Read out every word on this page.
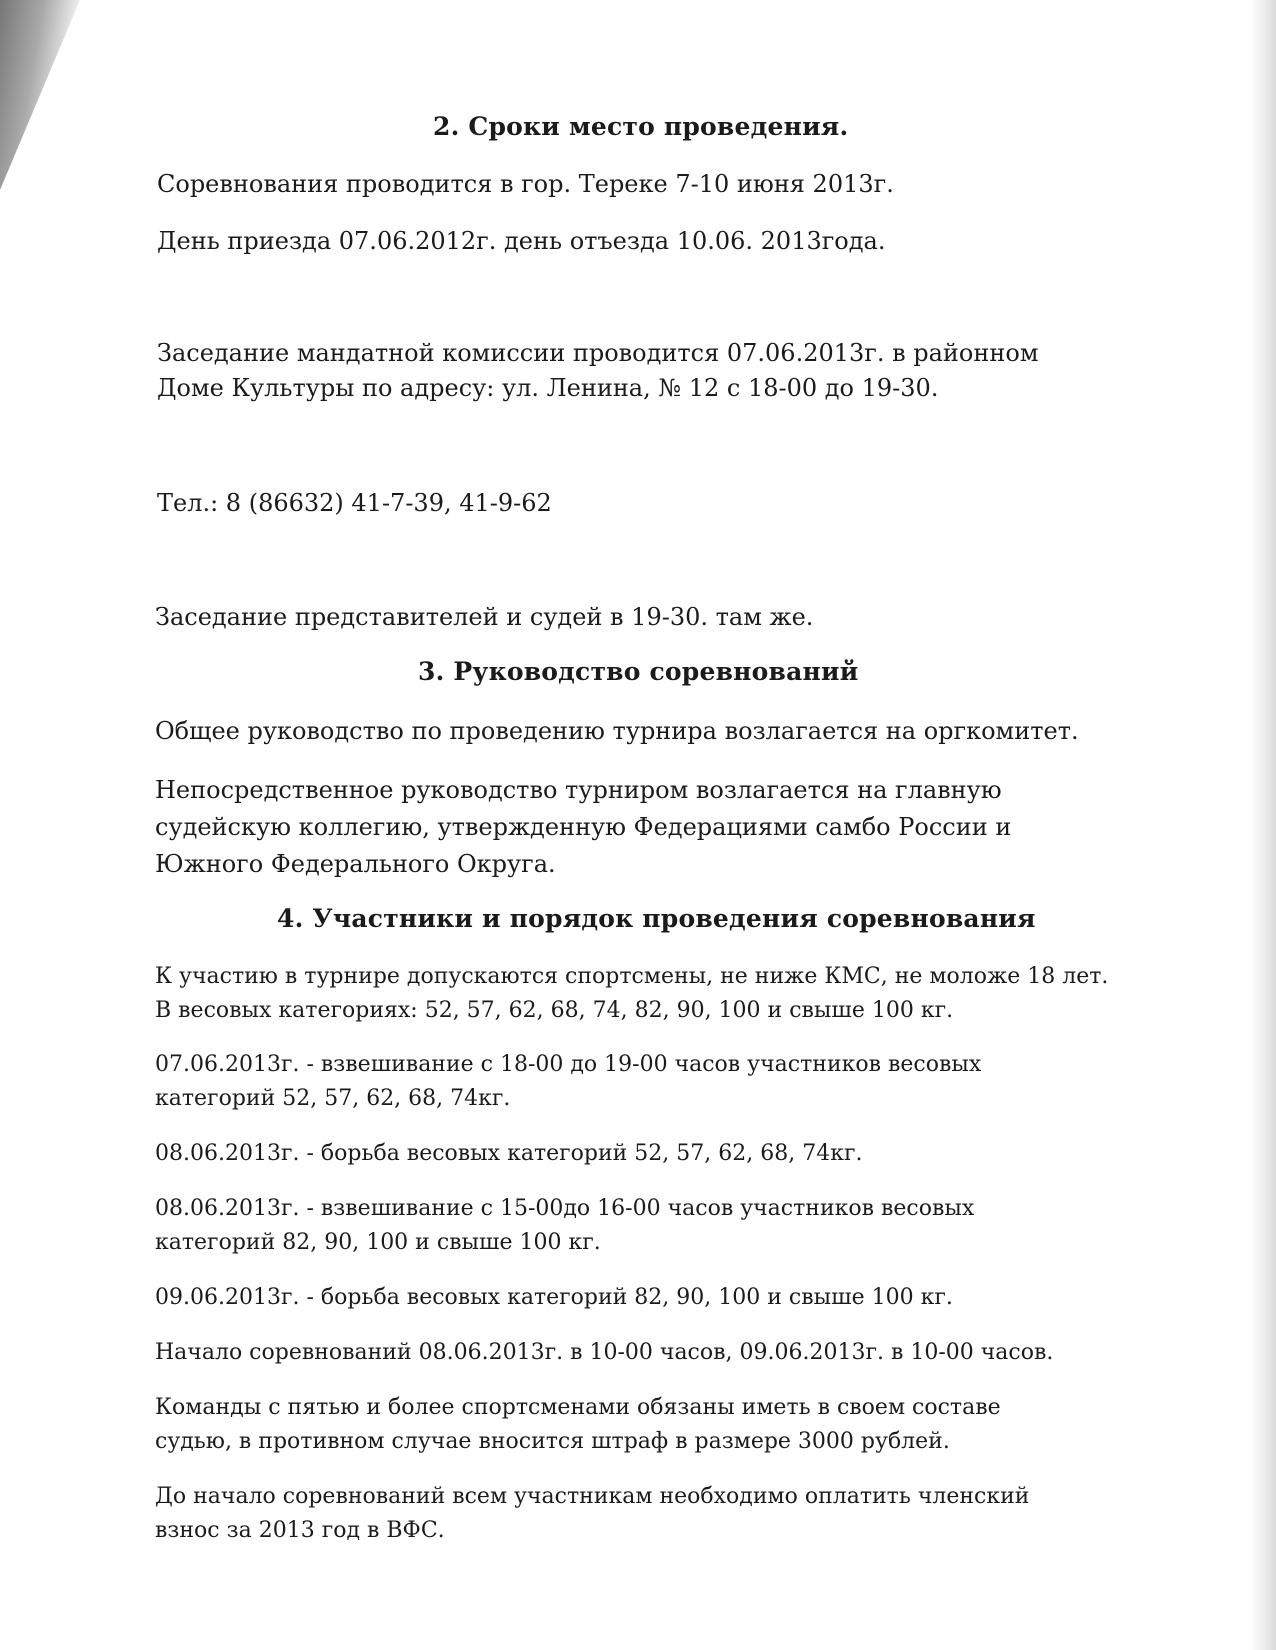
2. Сроки место проведения.
Соревнования проводится в гор. Тереке 7-10 июня 2013г.
День приезда 07.06.2012г. день отъезда 10.06. 2013года.
Заседание мандатной комиссии проводится 07.06.2013г. в районном
Доме Культуры по адресу: ул. Ленина, № 12 с 18-00 до 19-30.
Тел.: 8 (86632) 41-7-39, 41-9-62
Заседание представителей и судей в 19-30. там же.
3. Руководство соревнований
Общее руководство по проведению турнира возлагается на оргкомитет.
Непосредственное руководство турниром возлагается на главную
судейскую коллегию, утвержденную Федерациями самбо России и
Южного Федерального Округа.
4. Участники и порядок проведения соревнования
К участию в турнире допускаются спортсмены, не ниже КМС, не моложе 18 лет.
В весовых категориях: 52, 57, 62, 68, 74, 82, 90, 100 и свыше 100 кг.
07.06.2013г. - взвешивание с 18-00 до 19-00 часов участников весовых
категорий 52, 57, 62, 68, 74кг.
08.06.2013г. - борьба весовых категорий 52, 57, 62, 68, 74кг.
08.06.2013г. - взвешивание с 15-00до 16-00 часов участников весовых
категорий 82, 90, 100 и свыше 100 кг.
09.06.2013г. - борьба весовых категорий 82, 90, 100 и свыше 100 кг.
Начало соревнований 08.06.2013г. в 10-00 часов, 09.06.2013г. в 10-00 часов.
Команды с пятью и более спортсменами обязаны иметь в своем составе
судью, в противном случае вносится штраф в размере 3000 рублей.
До начало соревнований всем участникам необходимо оплатить членский
взнос за 2013 год в ВФС.
